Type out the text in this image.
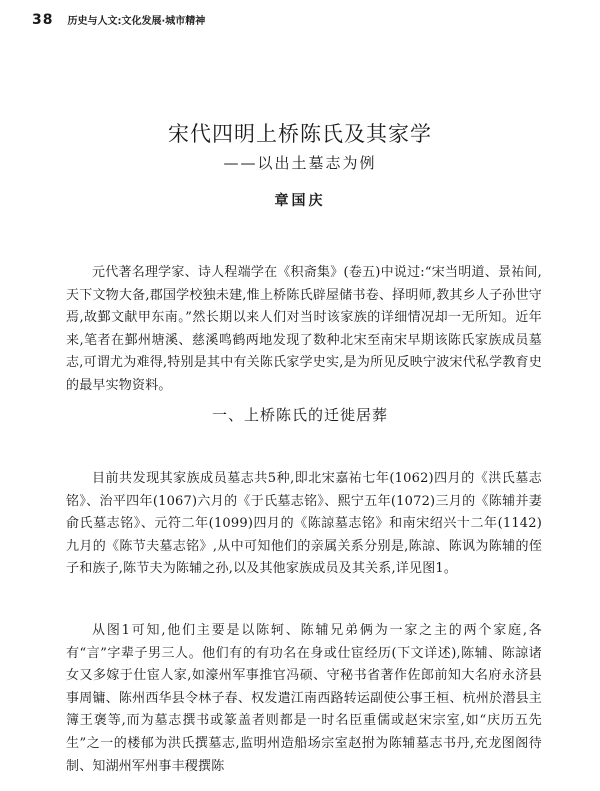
38 历史与人文:文化发展·城市精神
宋代四明上桥陈氏及其家学
——以出土墓志为例
章国庆

元代著名理学家、诗人程端学在《积斋集》(卷五)中说过:“宋当明道、景祐间,天下文物大备,郡国学校独未建,惟上桥陈氏辟屋储书卷、择明师,教其乡人子孙世守焉,故鄞文献甲东南。”然长期以来人们对当时该家族的详细情况却一无所知。近年来,笔者在鄞州塘溪、慈溪鸣鹤两地发现了数种北宋至南宋早期该陈氏家族成员墓志,可谓尤为难得,特别是其中有关陈氏家学史实,是为所见反映宁波宋代私学教育史的最早实物资料。

一、上桥陈氏的迁徙居葬

目前共发现其家族成员墓志共5种,即北宋嘉祐七年(1062)四月的《洪氏墓志铭》、治平四年(1067)六月的《于氏墓志铭》、熙宁五年(1072)三月的《陈辅并妻俞氏墓志铭》、元符二年(1099)四月的《陈諒墓志铭》和南宋绍兴十二年(1142)九月的《陈节夫墓志铭》,从中可知他们的亲属关系分别是,陈諒、陈讽为陈辅的侄子和族子,陈节夫为陈辅之孙,以及其他家族成员及其关系,详见图1。

从图1可知,他们主要是以陈轲、陈辅兄弟俩为一家之主的两个家庭,各有“言”字辈子男三人。他们有的有功名在身或仕宦经历(下文详述),陈辅、陈諒诸女又多嫁于仕宦人家,如濠州军事推官冯硕、守秘书省著作佐郎前知大名府永济县事周镛、陈州西华县令林子春、权发遣江南西路转运副使公事王桓、杭州於潜县主簿王褒等,而为墓志撰书或篆盖者则都是一时名臣重儒或赵宋宗室,如“庆历五先生”之一的楼郁为洪氏撰墓志,监明州造船场宗室赵拊为陈辅墓志书丹,充龙图阁待制、知湖州军州事丰稷撰陈
